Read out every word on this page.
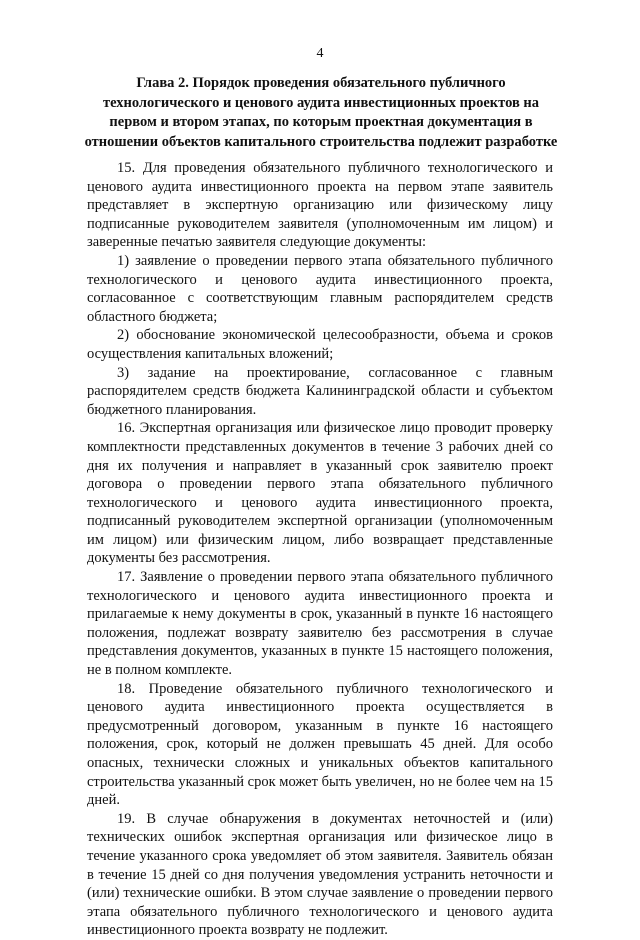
4
Глава 2. Порядок проведения обязательного публичного технологического и ценового аудита инвестиционных проектов на первом и втором этапах, по которым проектная документация в отношении объектов капитального строительства подлежит разработке

15. Для проведения обязательного публичного технологического и ценового аудита инвестиционного проекта на первом этапе заявитель представляет в экспертную организацию или физическому лицу подписанные руководителем заявителя (уполномоченным им лицом) и заверенные печатью заявителя следующие документы:

1) заявление о проведении первого этапа обязательного публичного технологического и ценового аудита инвестиционного проекта, согласованное с соответствующим главным распорядителем средств областного бюджета;

2) обоснование экономической целесообразности, объема и сроков осуществления капитальных вложений;

3) задание на проектирование, согласованное с главным распорядителем средств бюджета Калининградской области и субъектом бюджетного планирования.

16. Экспертная организация или физическое лицо проводит проверку комплектности представленных документов в течение 3 рабочих дней со дня их получения и направляет в указанный срок заявителю проект договора о проведении первого этапа обязательного публичного технологического и ценового аудита инвестиционного проекта, подписанный руководителем экспертной организации (уполномоченным им лицом) или физическим лицом, либо возвращает представленные документы без рассмотрения.

17. Заявление о проведении первого этапа обязательного публичного технологического и ценового аудита инвестиционного проекта и прилагаемые к нему документы в срок, указанный в пункте 16 настоящего положения, подлежат возврату заявителю без рассмотрения в случае представления документов, указанных в пункте 15 настоящего положения, не в полном комплекте.

18. Проведение обязательного публичного технологического и ценового аудита инвестиционного проекта осуществляется в предусмотренный договором, указанным в пункте 16 настоящего положения, срок, который не должен превышать 45 дней. Для особо опасных, технически сложных и уникальных объектов капитального строительства указанный срок может быть увеличен, но не более чем на 15 дней.

19. В случае обнаружения в документах неточностей и (или) технических ошибок экспертная организация или физическое лицо в течение указанного срока уведомляет об этом заявителя. Заявитель обязан в течение 15 дней со дня получения уведомления устранить неточности и (или) технические ошибки. В этом случае заявление о проведении первого этапа обязательного публичного технологического и ценового аудита инвестиционного проекта возврату не подлежит.
